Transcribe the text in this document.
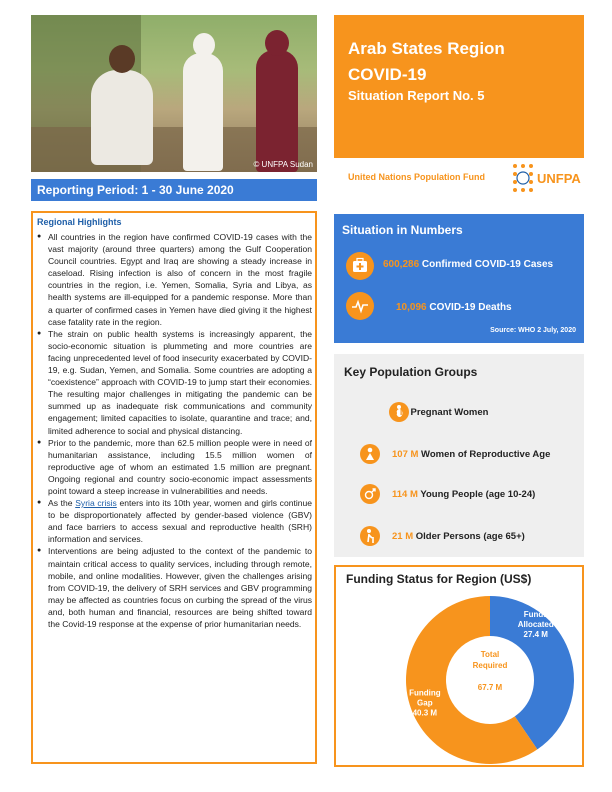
© UNFPA Sudan
Arab States Region
COVID-19
Situation Report No. 5
United Nations Population Fund	UNFPA
Reporting Period: 1 - 30 June 2020
Regional Highlights
● All countries in the region have confirmed COVID-19 cases with the vast majority (around three quarters) among the Gulf Cooperation Council countries. Egypt and Iraq are showing a steady increase in caseload. Rising infection is also of concern in the most fragile countries in the region, i.e. Yemen, Somalia, Syria and Libya, as health systems are ill-equipped for a pandemic response. More than a quarter of confirmed cases in Yemen have died giving it the highest case fatality rate in the region.
● The strain on public health systems is increasingly apparent, the socio-economic situation is plummeting and more countries are facing unprecedented level of food insecurity exacerbated by COVID-19, e.g. Sudan, Yemen, and Somalia. Some countries are adopting a “coexistence” approach with COVID-19 to jump start their economies. The resulting major challenges in mitigating the pandemic can be summed up as inadequate risk communications and community engagement; limited capacities to isolate, quarantine and trace; and, limited adherence to social and physical distancing.
● Prior to the pandemic, more than 62.5 million people were in need of humanitarian assistance, including 15.5 million women of reproductive age of whom an estimated 1.5 million are pregnant. Ongoing regional and country socio-economic impact assessments point toward a steep increase in vulnerabilities and needs.
● As the Syria crisis enters into its 10th year, women and girls continue to be disproportionately affected by gender-based violence (GBV) and face barriers to access sexual and reproductive health (SRH) information and services.
● Interventions are being adjusted to the context of the pandemic to maintain critical access to quality services, including through remote, mobile, and online modalities. However, given the challenges arising from COVID-19, the delivery of SRH services and GBV programming may be affected as countries focus on curbing the spread of the virus and, both human and financial, resources are being shifted toward the Covid-19 response at the expense of prior humanitarian needs.
Situation in Numbers
600,286 Confirmed COVID-19 Cases
10,096 COVID-19 Deaths
Source: WHO 2 July, 2020
Key Population Groups
8 M Pregnant Women
107 M Women of Reproductive Age
114 M Young People (age 10-24)
21 M Older Persons (age 65+)
Funding Status for Region (US$)
Funds Allocated 27.4 M
Funding Gap 40.3 M
Total Required
67.7 M
